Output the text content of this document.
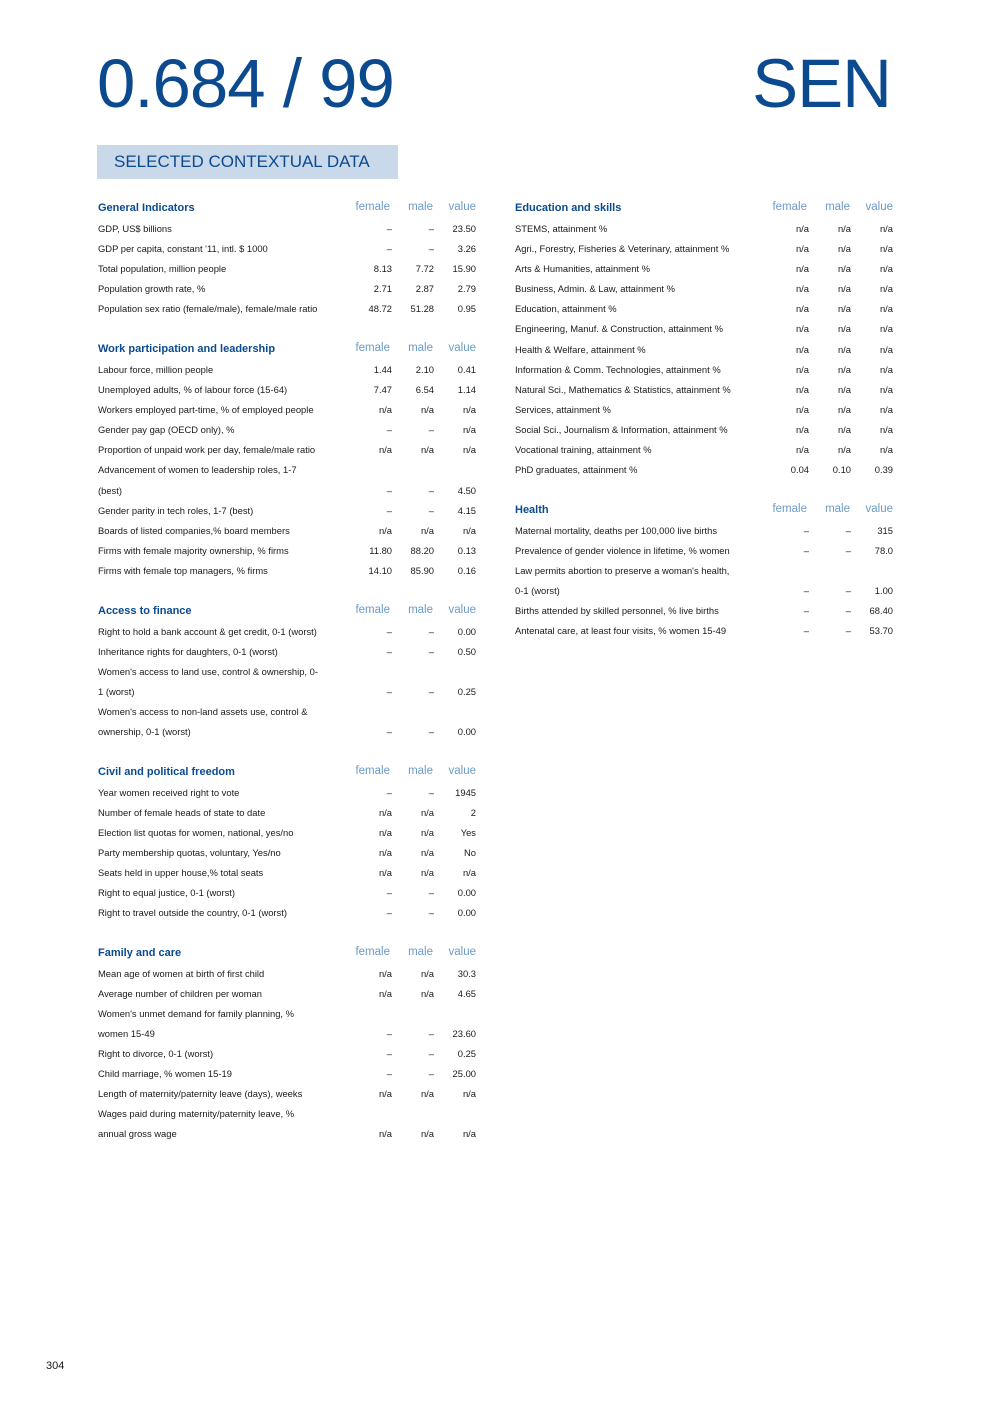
0.684 / 99	SEN
SELECTED CONTEXTUAL DATA
General Indicators	female male value
GDP, US$ billions	–	– 23.50
GDP per capita, constant '11, intl. $ 1000	–	–	3.26
Total population, million people	8.13	7.72 15.90
Population growth rate, %	2.71	2.87	2.79
Population sex ratio (female/male), female/male ratio	48.72 51.28	0.95
Work participation and leadership	female male value
Labour force, million people	1.44	2.10	0.41
Unemployed adults, % of labour force (15-64)	7.47	6.54	1.14
Workers employed part-time, % of employed people	n/a	n/a	n/a
Gender pay gap (OECD only), %	–	–	n/a
Proportion of unpaid work per day, female/male ratio	n/a	n/a	n/a
Advancement of women to leadership roles, 1-7
(best)	–	–	4.50
Gender parity in tech roles, 1-7 (best)	–	–	4.15
Boards of listed companies,% board members	n/a	n/a	n/a
Firms with female majority ownership, % firms	11.80 88.20	0.13
Firms with female top managers, % firms	14.10 85.90	0.16
Access to finance	female male value
Right to hold a bank account & get credit, 0-1 (worst)	–	–	0.00
Inheritance rights for daughters, 0-1 (worst)	–	–	0.50
Women's access to land use, control & ownership, 0-
1 (worst)	–	–	0.25
Women's access to non-land assets use, control &
ownership, 0-1 (worst)	–	–	0.00
Civil and political freedom	female male value
Year women received right to vote	–	– 1945
Number of female heads of state to date	n/a	n/a	2
Election list quotas for women, national, yes/no	n/a	n/a	Yes
Party membership quotas, voluntary, Yes/no	n/a	n/a	No
Seats held in upper house,% total seats	n/a	n/a	n/a
Right to equal justice, 0-1 (worst)	–	–	0.00
Right to travel outside the country, 0-1 (worst)	–	–	0.00
Family and care	female male value
Mean age of women at birth of first child	n/a	n/a	30.3
Average number of children per woman	n/a	n/a	4.65
Women's unmet demand for family planning, %
women 15-49	–	– 23.60
Right to divorce, 0-1 (worst)	–	–	0.25
Child marriage, % women 15-19	–	– 25.00
Length of maternity/paternity leave (days), weeks	n/a	n/a	n/a
Wages paid during maternity/paternity leave, %
annual gross wage	n/a	n/a	n/a
Education and skills	female male value
STEMS, attainment %	n/a	n/a	n/a
Agri., Forestry, Fisheries & Veterinary, attainment %	n/a	n/a	n/a
Arts & Humanities, attainment %	n/a	n/a	n/a
Business, Admin. & Law, attainment %	n/a	n/a	n/a
Education, attainment %	n/a	n/a	n/a
Engineering, Manuf. & Construction, attainment %	n/a	n/a	n/a
Health & Welfare, attainment %	n/a	n/a	n/a
Information & Comm. Technologies, attainment %	n/a	n/a	n/a
Natural Sci., Mathematics & Statistics, attainment %	n/a	n/a	n/a
Services, attainment %	n/a	n/a	n/a
Social Sci., Journalism & Information, attainment %	n/a	n/a	n/a
Vocational training, attainment %	n/a	n/a	n/a
PhD graduates, attainment %	0.04	0.10	0.39
Health	female male value
Maternal mortality, deaths per 100,000 live births	–	–	315
Prevalence of gender violence in lifetime, % women	–	–	78.0
Law permits abortion to preserve a woman's health,
0-1 (worst)	–	–	1.00
Births attended by skilled personnel, % live births	–	– 68.40
Antenatal care, at least four visits, % women 15-49	–	– 53.70
304
